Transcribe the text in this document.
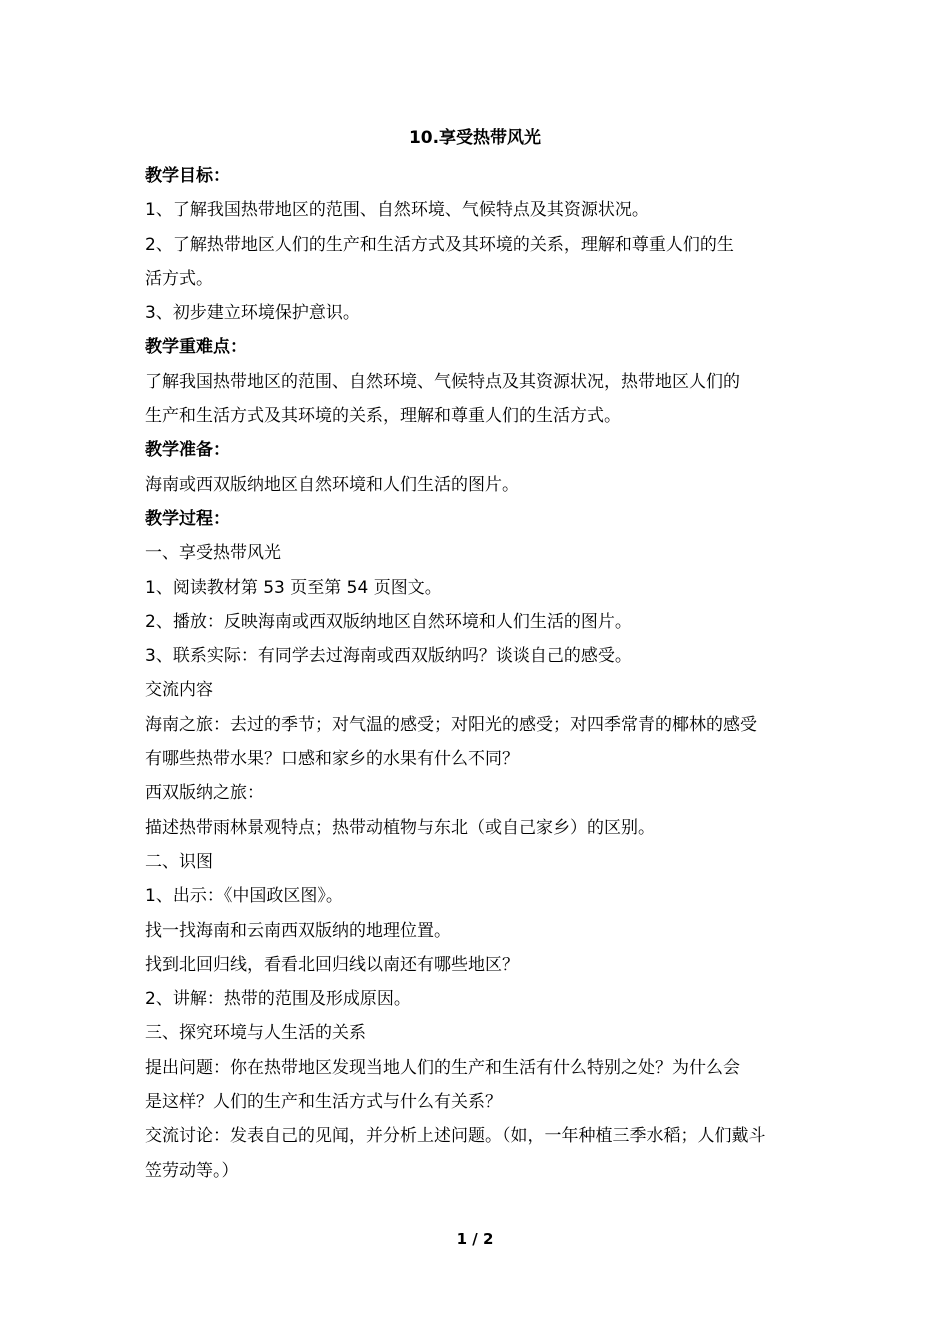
10.享受热带风光

教学目标：

1、了解我国热带地区的范围、自然环境、气候特点及其资源状况。

2、了解热带地区人们的生产和生活方式及其环境的关系，理解和尊重人们的生

活方式。

3、初步建立环境保护意识。

教学重难点：

了解我国热带地区的范围、自然环境、气候特点及其资源状况，热带地区人们的

生产和生活方式及其环境的关系，理解和尊重人们的生活方式。

教学准备：

海南或西双版纳地区自然环境和人们生活的图片。

教学过程：

一、享受热带风光

1、阅读教材第 53 页至第 54 页图文。

2、播放：反映海南或西双版纳地区自然环境和人们生活的图片。

3、联系实际：有同学去过海南或西双版纳吗？谈谈自己的感受。

交流内容

海南之旅：去过的季节；对气温的感受；对阳光的感受；对四季常青的椰林的感受

有哪些热带水果？口感和家乡的水果有什么不同？

西双版纳之旅：

描述热带雨林景观特点；热带动植物与东北（或自己家乡）的区别。

二、识图

1、出示：《中国政区图》。

找一找海南和云南西双版纳的地理位置。

找到北回归线，看看北回归线以南还有哪些地区？

2、讲解：热带的范围及形成原因。

三、探究环境与人生活的关系

提出问题：你在热带地区发现当地人们的生产和生活有什么特别之处？为什么会

是这样？人们的生产和生活方式与什么有关系？

交流讨论：发表自己的见闻，并分析上述问题。（如，一年种植三季水稻；人们戴斗

笠劳动等。）

1 / 2
